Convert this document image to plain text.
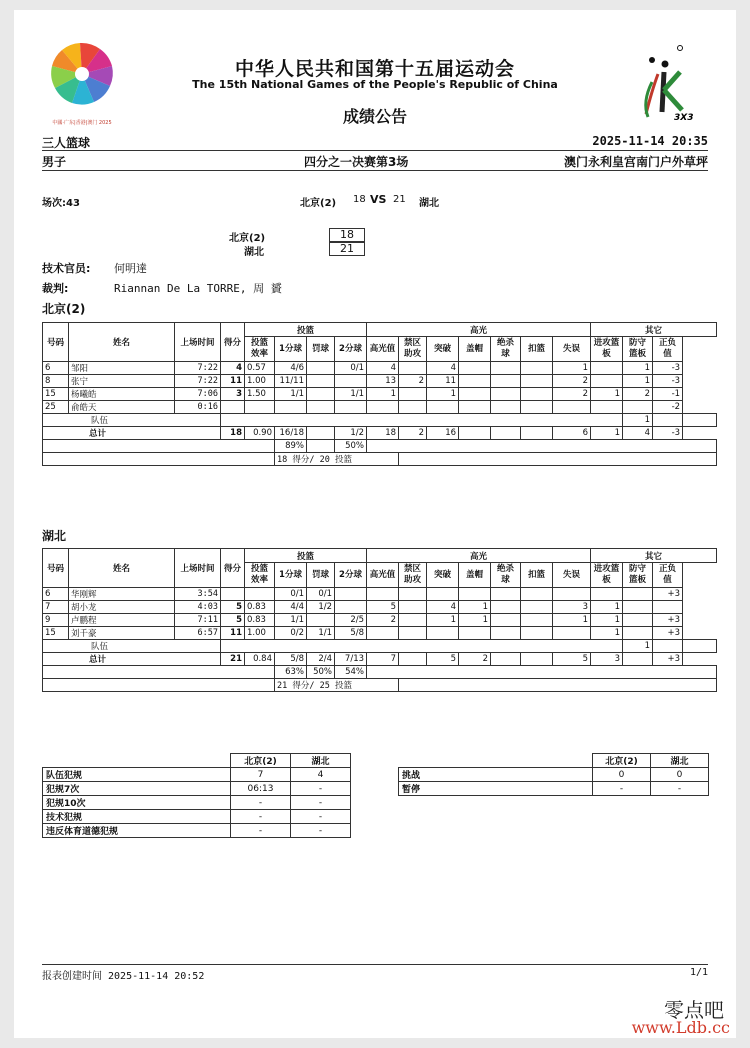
中國·广东|香港|澳门 2025	3X3
中华人民共和国第十五届运动会
The 15th National Games of the People's Republic of China
成绩公告
三人篮球	2025-11-14 20:35
男子	四分之一决赛第3场	澳门永利皇宫南门户外草坪
场次:43	北京(2) 18 VS 21 湖北
北京(2)	18
湖北	21
技术官员: 何明達
裁判:	Riannan De La TORRE, 周 贇
北京(2)
号码	姓名	上场时间	得分	投篮				高光							其它				
				投篮效率	1分球	罚球	2分球	高光值	禁区助攻	突破	盖帽	绝杀球	扣篮	失误	进攻篮板	防守篮板	正负值		
6	邹阳	7:22	4	0.57	4/6		0/1	4		4				1		1	-3		
8	张宁	7:22	11	1.00	11/11			13	2	11				2		1	-3		
15	杨曦皓	7:06	3	1.50	1/1		1/1	1		1				2	1	2	-1		
25	俞皓天	0:16															-2		
队伍																1			
总计			18	0.90	16/18		1/2	18	2	16				6	1	4	-3		
					89%		50%												
					18 得分/ 20 投篮														
湖北
号码	姓名	上场时间	得分	投篮				高光							其它				
				投篮效率	1分球	罚球	2分球	高光值	禁区助攻	突破	盖帽	绝杀球	扣篮	失误	进攻篮板	防守篮板	正负值		
6	华刚辉	3:54			0/1	0/1											+3		
7	胡小龙	4:03	5	0.83	4/4	1/2		5		4	1			3	1				
9	卢鹏程	7:11	5	0.83	1/1		2/5	2		1	1			1	1		+3		
15	刘千豪	6:57	11	1.00	0/2	1/1	5/8								1		+3		
队伍																1			
总计			21	0.84	5/8	2/4	7/13	7		5	2			5	3		+3		
					63%	50%	54%												
					21 得分/ 25 投篮														
	北京(2)	湖北
队伍犯规	7	4
犯规7次	06:13	-
犯规10次	-	-
技术犯规	-	-
违反体育道德犯规	-	-
	北京(2)	湖北
挑战	0	0
暂停	-	-
报表创建时间 2025-11-14 20:52	1/1
零点吧
www.Ldb.cc
